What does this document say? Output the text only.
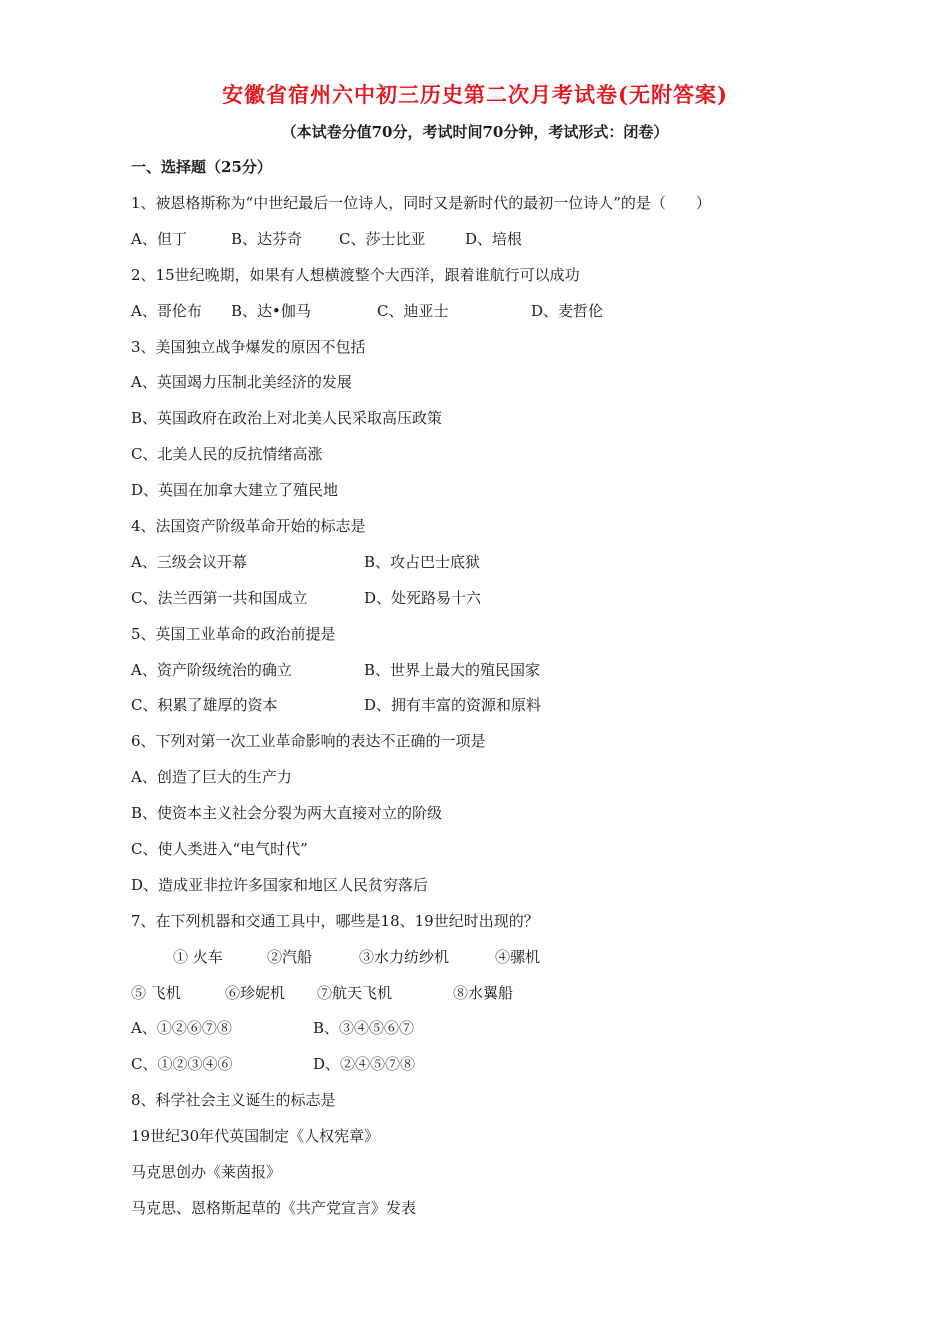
安徽省宿州六中初三历史第二次月考试卷(无附答案)

（本试卷分值70分，考试时间70分钟，考试形式：闭卷）

一、选择题（25分）

1、被恩格斯称为“中世纪最后一位诗人，同时又是新时代的最初一位诗人”的是（　　）
A、但丁	B、达芬奇 C、莎士比亚	D、培根
2、15世纪晚期，如果有人想横渡整个大西洋，跟着谁航行可以成功
A、哥伦布 B、达•伽马	C、迪亚士	D、麦哲伦
3、美国独立战争爆发的原因不包括
A、英国竭力压制北美经济的发展
B、英国政府在政治上对北美人民采取高压政策
C、北美人民的反抗情绪高涨
D、英国在加拿大建立了殖民地
4、法国资产阶级革命开始的标志是
A、三级会议开幕	B、攻占巴士底狱
C、法兰西第一共和国成立	D、处死路易十六
5、英国工业革命的政治前提是
A、资产阶级统治的确立	B、世界上最大的殖民国家
C、积累了雄厚的资本	D、拥有丰富的资源和原料
6、下列对第一次工业革命影响的表达不正确的一项是
A、创造了巨大的生产力
B、使资本主义社会分裂为两大直接对立的阶级
C、使人类进入“电气时代”
D、造成亚非拉许多国家和地区人民贫穷落后
7、在下列机器和交通工具中，哪些是18、19世纪时出现的？
① 火车	②汽船	③水力纺纱机	④骡机
⑤ 飞机	⑥珍妮机 ⑦航天飞机	⑧水翼船
A、①②⑥⑦⑧	B、③④⑤⑥⑦
C、①②③④⑥	D、②④⑤⑦⑧
8、科学社会主义诞生的标志是
19世纪30年代英国制定《人权宪章》
马克思创办《莱茵报》
马克思、恩格斯起草的《共产党宣言》发表
